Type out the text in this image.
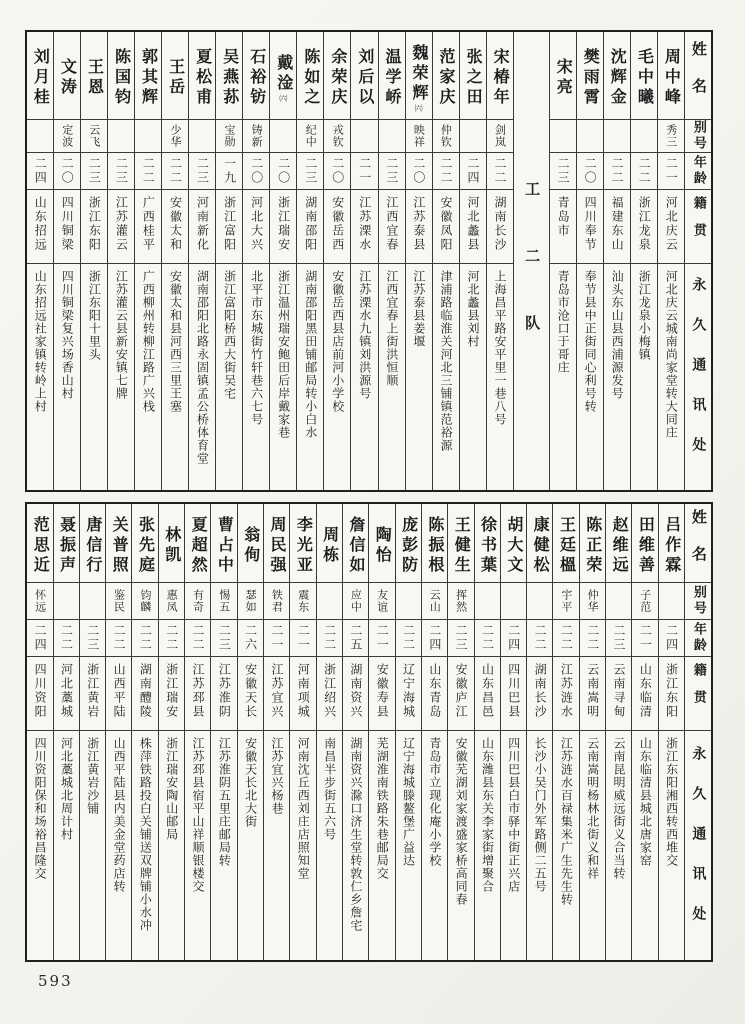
姓名
别号
年龄
籍贯
永久通讯处
周中峰
秀三
二一
河北庆云
河北庆云城南尚家堂转大同庄
毛中曦
二二
浙江龙泉
浙江龙泉小梅镇
沈辉金
二二
福建东山
汕头东山县西浦源发号
樊雨霄
二〇
四川奉节
奉节县中正街同心利号转
宋亮
二三
青岛市
青岛市沧口于哥庄
工二队
宋椿年
剑岚
二二
湖南长沙
上海昌平路安平里一巷八号
张之田
二四
河北蠡县
河北蠡县刘村
范家庆
仲钦
二二
安徽凤阳
津浦路临淮关河北三铺镇范裕源
魏荣辉
㈥
映祥
二〇
江苏泰县
江苏泰县姜堰
温学峤
二三
江西宜春
江西宜春上街洪恒顺
刘后以
二一
江苏溧水
江苏溧水九镇刘洪源号
余荣庆
戎钦
二〇
安徽岳西
安徽岳西县店前河小学校
陈如之
纪中
二三
湖南邵阳
湖南邵阳黑田铺邮局转小白水
戴淦
㈥
二〇
浙江瑞安
浙江温州瑞安鲍田后岸戴家巷
石裕钫
铸新
二〇
河北大兴
北平市东城街竹轩巷六七号
吴燕荪
宝勋
一九
浙江富阳
浙江富阳桥西大街吴宅
夏松甫
二三
河南新化
湖南邵阳北路永固镇孟公桥体育堂
王岳
少华
二二
安徽太和
安徽太和县河西三里王塞
郭其辉
二二
广西桂平
广西柳州转柳江路广兴栈
陈国钧
二三
江苏灌云
江苏灌云县新安镇七牌
王恩
云飞
二三
浙江东阳
浙江东阳十里头
文涛
定波
二〇
四川铜梁
四川铜梁复兴场香山村
刘月桂
二四
山东招远
山东招远社家镇转岭上村
姓名
别号
年龄
籍贯
永久通讯处
吕作霖
二四
浙江东阳
浙江东阳湘西转西堆交
田维善
子范
二一
山东临清
山东临清县城北唐家窑
赵维远
二三
云南寻甸
云南昆明威远街义合当转
陈正荣
仲华
二二
云南嵩明
云南嵩明杨林北街义和祥
王廷榲
宇平
二二
江苏涟水
江苏涟水百禄集米广生先生转
康健松
二二
湖南长沙
长沙小吴门外军路侧二五号
胡大文
二四
四川巴县
四川巴县白市驿中街正兴店
徐书葉
二二
山东昌邑
山东潍县东关李家街增聚合
王健生
挥然
二三
安徽庐江
安徽芜湖刘家渡盛家桥高同春
陈振根
云山
二四
山东青岛
青岛市立现化庵小学校
庞彭防
二二
辽宁海城
辽宁海城滕鳌堡广益达
陶怡
友谊
二一
安徽寿县
芜湖淮南铁路朱巷邮局交
詹信如
应中
二五
湖南资兴
湖南资兴滁口济生堂转敦仁乡詹宅
周栋
二二
浙江绍兴
南昌半步街五六号
李光亚
震东
二一
河南项城
河南沈丘西刘庄店照知堂
周民强
铁君
二一
江苏宜兴
江苏宜兴杨巷
翁侚
瑟如
二六
安徽天长
安徽天长北大街
曹占中
惕五
二三
江苏淮阴
江苏淮阴五里庄邮局转
夏超然
有奇
二二
江苏邳县
江苏邳县宿平山祥顺银楼交
林凯
惠凤
二二
浙江瑞安
浙江瑞安陶山邮局
张先庭
钧麟
二二
湖南醴陵
株萍铁路投白关铺送双牌铺小水冲
关普照
鉴民
二二
山西平陆
山西平陆县内美金堂药店转
唐信行
二三
浙江黄岩
浙江黄岩沙铺
聂振声
二二
河北藁城
河北藁城北周计村
范思近
怀远
二四
四川资阳
四川资阳保和场裕昌隆交
593
